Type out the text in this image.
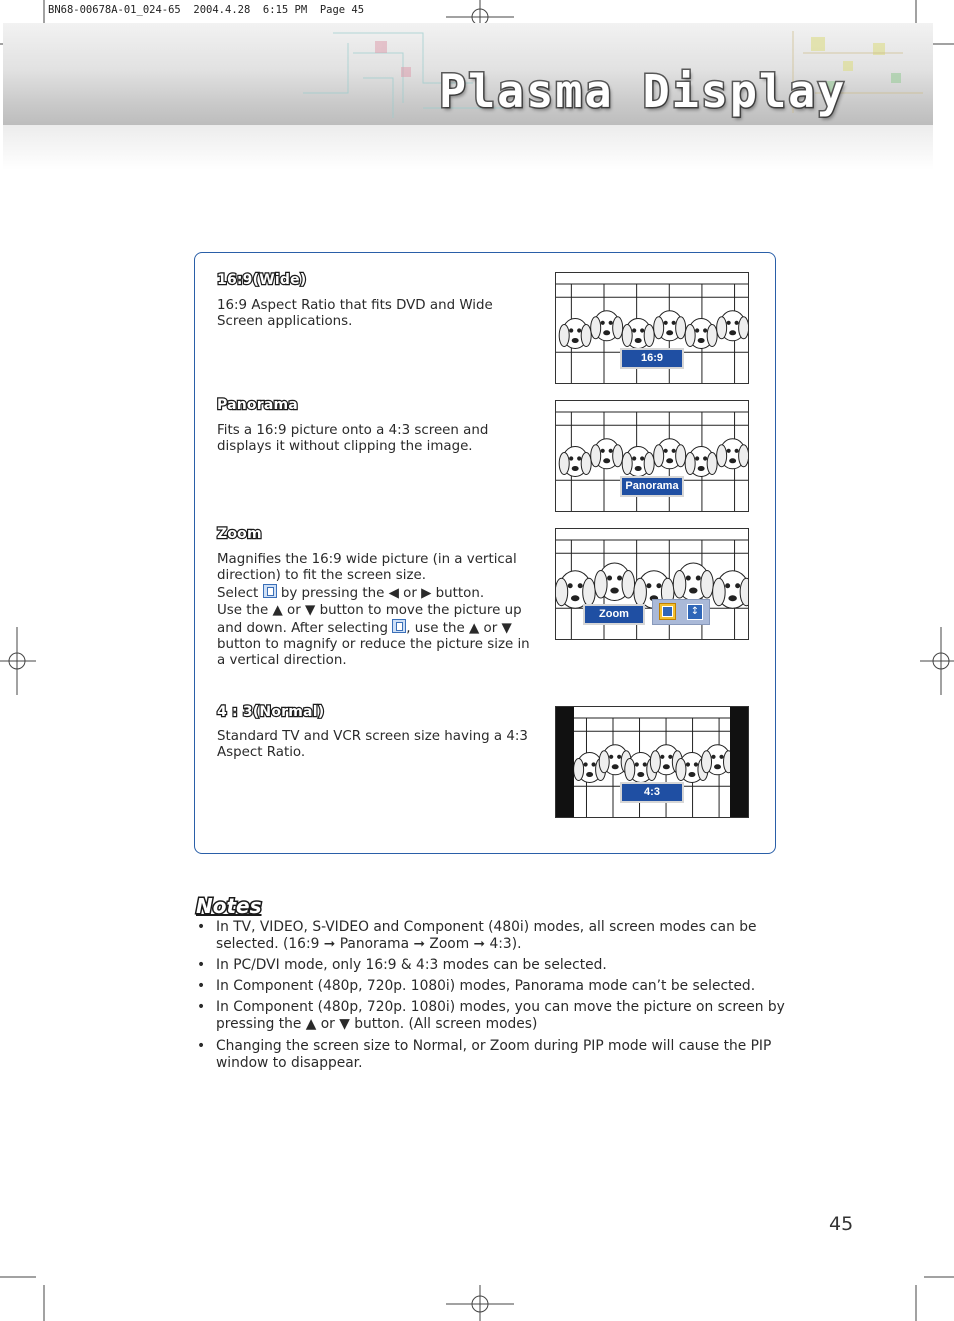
BN68-00678A-01_024-65  2004.4.28  6:15 PM  Page 45
Plasma Display
16:9(Wide)
16:9 Aspect Ratio that fits DVD and Wide Screen applications.
16:9
Panorama
Fits a 16:9 picture onto a 4:3 screen and displays it without clipping the image.
Panorama
Zoom
Magnifies the 16:9 wide picture (in a vertical direction) to fit the screen size.
Select by pressing the ◀ or ▶ button.
Use the ▲ or ▼ button to move the picture up and down. After selecting , use the ▲ or ▼ button to magnify or reduce the picture size in a vertical direction.
Zoom	↕
4 : 3(Normal)
Standard TV and VCR screen size having a 4:3 Aspect Ratio.
4:3
Notes
• In TV, VIDEO, S-VIDEO and Component (480i) modes, all screen modes can be selected. (16:9 ➞ Panorama ➞ Zoom ➞ 4:3).
• In PC/DVI mode, only 16:9 & 4:3 modes can be selected.
• In Component (480p, 720p. 1080i) modes, Panorama mode can’t be selected.
• In Component (480p, 720p. 1080i) modes, you can move the picture on screen by pressing the ▲ or ▼ button. (All screen modes)
• Changing the screen size to Normal, or Zoom during PIP mode will cause the PIP window to disappear.
45
